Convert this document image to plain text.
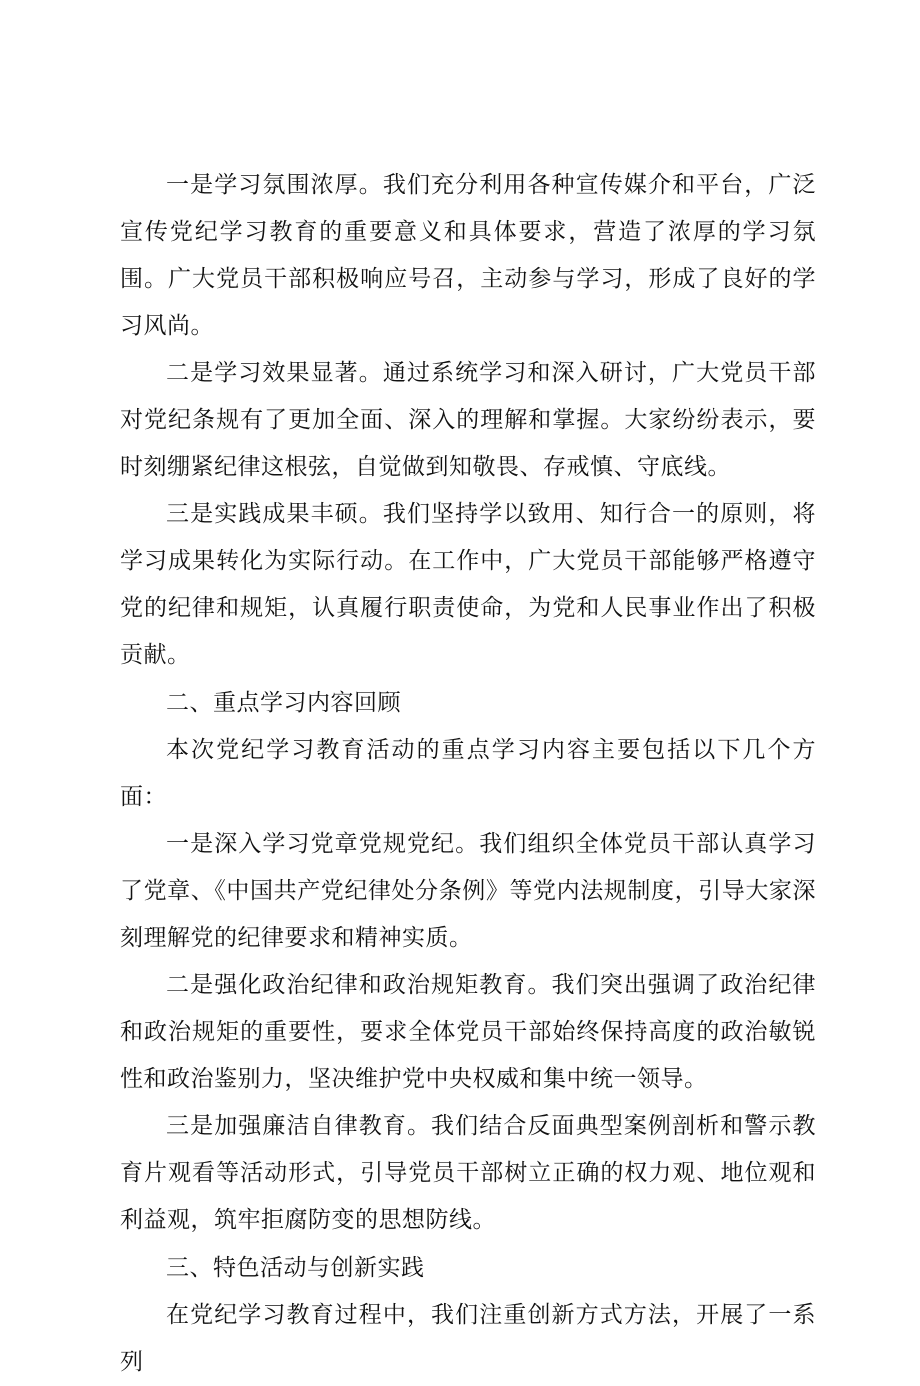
一是学习氛围浓厚。我们充分利用各种宣传媒介和平台，广泛宣传党纪学习教育的重要意义和具体要求，营造了浓厚的学习氛围。广大党员干部积极响应号召，主动参与学习，形成了良好的学习风尚。

二是学习效果显著。通过系统学习和深入研讨，广大党员干部对党纪条规有了更加全面、深入的理解和掌握。大家纷纷表示，要时刻绷紧纪律这根弦，自觉做到知敬畏、存戒慎、守底线。

三是实践成果丰硕。我们坚持学以致用、知行合一的原则，将学习成果转化为实际行动。在工作中，广大党员干部能够严格遵守党的纪律和规矩，认真履行职责使命，为党和人民事业作出了积极贡献。

二、重点学习内容回顾

本次党纪学习教育活动的重点学习内容主要包括以下几个方面：

一是深入学习党章党规党纪。我们组织全体党员干部认真学习了党章、《中国共产党纪律处分条例》等党内法规制度，引导大家深刻理解党的纪律要求和精神实质。

二是强化政治纪律和政治规矩教育。我们突出强调了政治纪律和政治规矩的重要性，要求全体党员干部始终保持高度的政治敏锐性和政治鉴别力，坚决维护党中央权威和集中统一领导。

三是加强廉洁自律教育。我们结合反面典型案例剖析和警示教育片观看等活动形式，引导党员干部树立正确的权力观、地位观和利益观，筑牢拒腐防变的思想防线。

三、特色活动与创新实践

在党纪学习教育过程中，我们注重创新方式方法，开展了一系列
